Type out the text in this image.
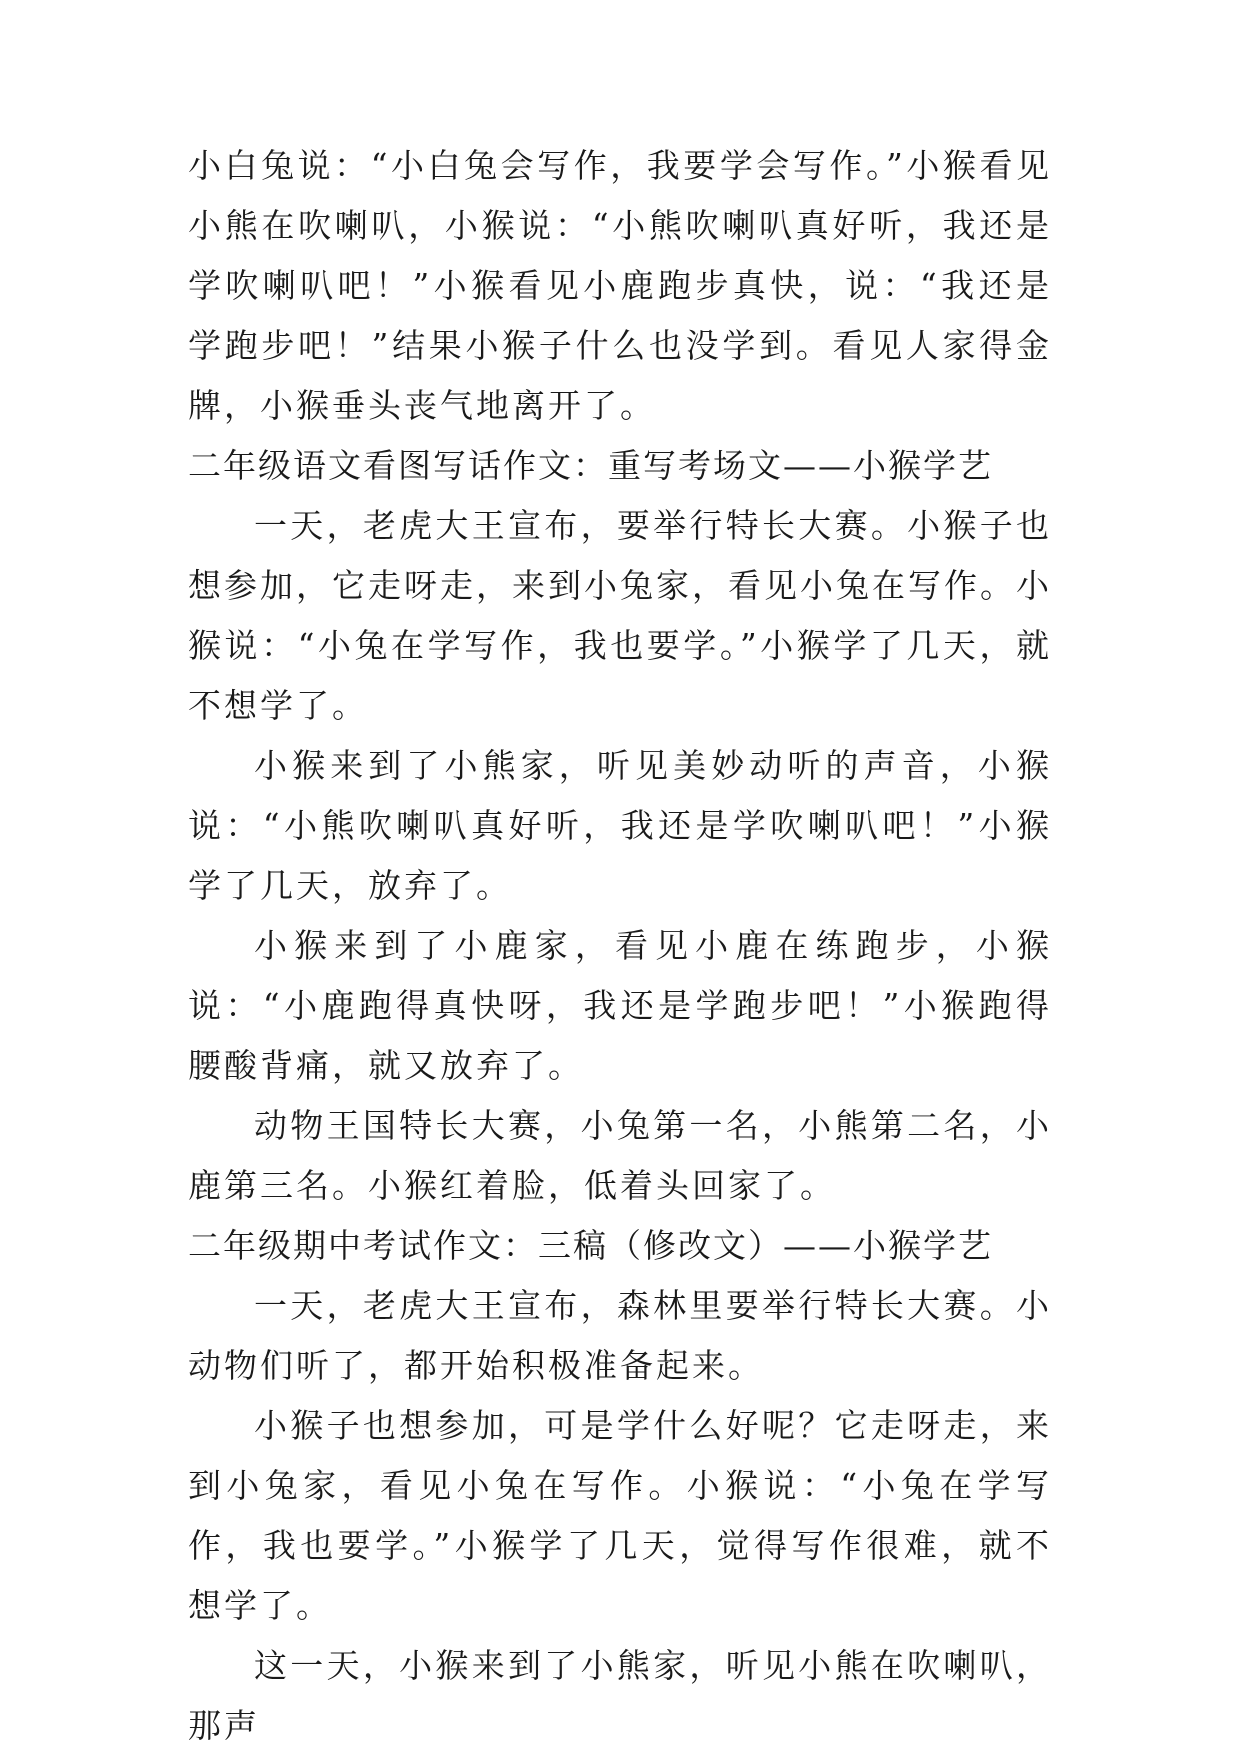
小白兔说：“小白兔会写作，我要学会写作。”小猴看见小熊在吹喇叭，小猴说：“小熊吹喇叭真好听，我还是学吹喇叭吧！”小猴看见小鹿跑步真快，说：“我还是学跑步吧！”结果小猴子什么也没学到。看见人家得金牌，小猴垂头丧气地离开了。

二年级语文看图写话作文：重写考场文——小猴学艺

一天，老虎大王宣布，要举行特长大赛。小猴子也想参加，它走呀走，来到小兔家，看见小兔在写作。小猴说：“小兔在学写作，我也要学。”小猴学了几天，就不想学了。

小猴来到了小熊家，听见美妙动听的声音，小猴说：“小熊吹喇叭真好听，我还是学吹喇叭吧！”小猴学了几天，放弃了。

小猴来到了小鹿家，看见小鹿在练跑步，小猴说：“小鹿跑得真快呀，我还是学跑步吧！”小猴跑得腰酸背痛，就又放弃了。

动物王国特长大赛，小兔第一名，小熊第二名，小鹿第三名。小猴红着脸，低着头回家了。

二年级期中考试作文：三稿（修改文）——小猴学艺

一天，老虎大王宣布，森林里要举行特长大赛。小动物们听了，都开始积极准备起来。

小猴子也想参加，可是学什么好呢？它走呀走，来到小兔家，看见小兔在写作。小猴说：“小兔在学写作，我也要学。”小猴学了几天，觉得写作很难，就不想学了。

这一天，小猴来到了小熊家，听见小熊在吹喇叭，那声
